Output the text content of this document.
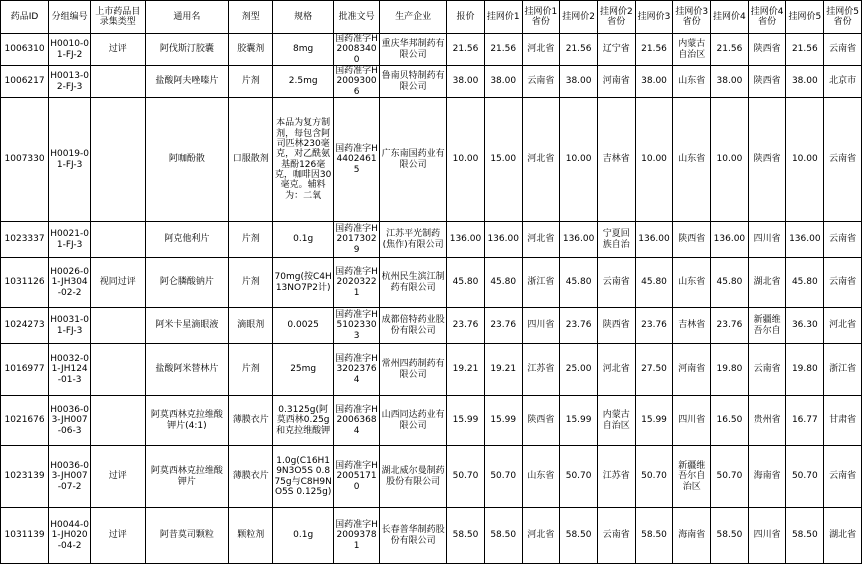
药品ID	分组编号	上市药品目录集类型	通用名	剂型	规格	批准文号	生产企业	报价	挂网价1	挂网价1省份	挂网价2	挂网价2省份	挂网价3	挂网价3省份	挂网价4	挂网价4省份	挂网价5	挂网价5省份
1006310	H0010-01-FJ-2	过评	阿伐斯汀胶囊	胶囊剂	8mg	国药准字H20083400	重庆华邦制药有限公司	21.56	21.56	河北省	21.56	辽宁省	21.56	内蒙古自治区	21.56	陕西省	21.56	云南省
1006217	H0013-02-FJ-3		盐酸阿夫唑嗪片	片剂	2.5mg	国药准字H20093006	鲁南贝特制药有限公司	38.00	38.00	云南省	38.00	河南省	38.00	山东省	38.00	陕西省	38.00	北京市
1007330	H0019-01-FJ-3		阿咖酚散	口服散剂	本品为复方制剂，每包含阿司匹林230毫克，对乙酰氨基酚126毫克，咖啡因30毫克。辅料为：二氧	国药准字H44024615	广东南国药业有限公司	10.00	15.00	河北省	10.00	吉林省	10.00	山东省	10.00	陕西省	10.00	云南省
1023337	H0021-01-FJ-3		阿克他利片	片剂	0.1g	国药准字H20173029	江苏平光制药(焦作)有限公司	136.00	136.00	河北省	136.00	宁夏回族自治	136.00	陕西省	136.00	四川省	136.00	云南省
1031126	H0026-01-JH304-02-2	视同过评	阿仑膦酸钠片	片剂	70mg(按C4H13NO7P2计)	国药准字H20203221	杭州民生滨江制药有限公司	45.80	45.80	浙江省	45.80	云南省	45.80	山东省	45.80	湖北省	45.80	云南省
1024273	H0031-01-FJ-3		阿米卡星滴眼液	滴眼剂	0.0025	国药准字H51023303	成都倍特药业股份有限公司	23.76	23.76	四川省	23.76	陕西省	23.76	吉林省	23.76	新疆维吾尔自	36.30	河北省
1016977	H0032-01-JH124-01-3		盐酸阿米替林片	片剂	25mg	国药准字H32023764	常州四药制药有限公司	19.21	19.21	江苏省	25.00	河北省	27.50	河南省	19.80	云南省	19.80	浙江省
1021676	H0036-03-JH007-06-3		阿莫西林克拉维酸钾片(4:1)	薄膜衣片	0.3125g(阿莫西林0.25g和克拉维酸钾	国药准字H20063684	山西同达药业有限公司	15.99	15.99	陕西省	15.99	内蒙古自治区	15.99	四川省	16.50	贵州省	16.77	甘肃省
1023139	H0036-03-JH007-07-2	过评	阿莫西林克拉维酸钾片	薄膜衣片	1.0g(C16H19N3O5S 0.875g与C8H9NO5S 0.125g)	国药准字H20051710	湖北威尔曼制药股份有限公司	50.70	50.70	山东省	50.70	江苏省	50.70	新疆维吾尔自治区	50.70	海南省	50.70	云南省
1031139	H0044-01-JH020-04-2	过评	阿昔莫司颗粒	颗粒剂	0.1g	国药准字H20093781	长春普华制药股份有限公司	58.50	58.50	河北省	58.50	云南省	58.50	海南省	58.50	四川省	58.50	湖北省
